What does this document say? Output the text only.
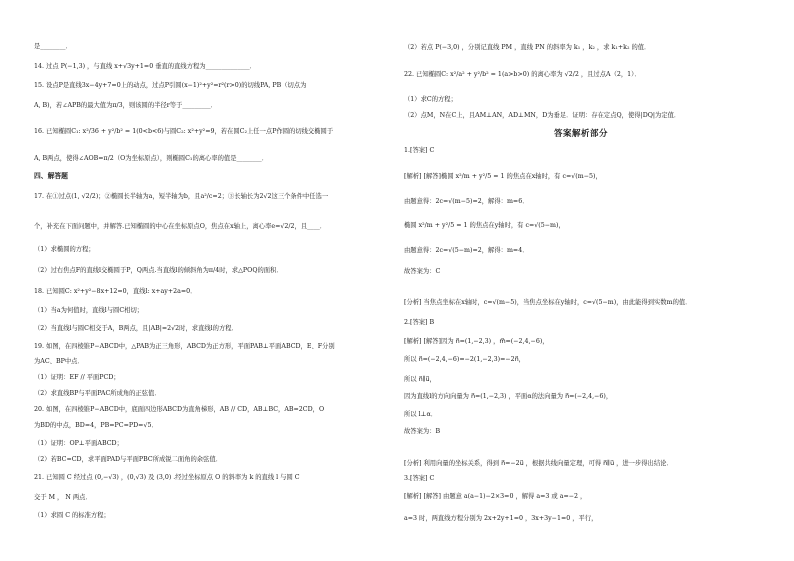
是________．
14. 过点 P(−1,3) ，与直线 x+√3y+1=0 垂直的直线方程为______________．
15. 设点P是直线3x−4y+7=0上的动点，过点P引圆(x−1)²+y²=r²(r>0)的切线PA, PB（切点为
A, B)，若∠APB的最大值为π/3，则该圆的半径r等于_________．
16. 已知椭圆C₁: x²/36 + y²/b² = 1(0<b<6)与圆C₂: x²+y²=9，若在圆C₂上任一点P作圆的切线交椭圆于
A, B两点，使得∠AOB=π/2（O为坐标原点），则椭圆C₁的离心率的值是________．
四、解答题
17. 在①过点(1, √2/2)；②椭圆长半轴为a，短半轴为b，且a²/c=2；③长轴长为2√2这三个条件中任选一
个，补充在下面问题中，并解答.已知椭圆的中心在坐标原点O，焦点在x轴上，离心率e=√2/2，且____．
（1）求椭圆的方程；
（2）过右焦点F的直线l交椭圆于P，Q两点.当直线l的倾斜角为π/4时，求△POQ的面积．
18. 已知圆C: x²+y²−8x+12=0，直线l: x+ay+2a=0．
（1）当a为何值时，直线l与圆C相切；
（2）当直线l与圆C相交于A，B两点，且|AB|=2√2时，求直线l的方程．
19. 如图，在四棱锥P−ABCD中，△PAB为正三角形，ABCD为正方形，平面PAB⊥平面ABCD，E、F分别
为AC、BP中点．
（1）证明：EF // 平面PCD；
（2）求直线BP与平面PAC所成角的正弦值．
20. 如图，在四棱锥P−ABCD中，底面四边形ABCD为直角梯形，AB // CD，AB⊥BC，AB=2CD，O
为BD的中点，BD=4，PB=PC=PD=√5．
（1）证明：OP⊥平面ABCD；
（2）若BC=CD，求平面PAD与平面PBC所成锐二面角的余弦值．
21. 已知圆 C 经过点 (0,−√3) ，(0,√3) 及 (3,0) .经过坐标原点 O 的斜率为 k 的直线 l 与圆 C
交于 M ， N 两点．
（1）求圆 C 的标准方程；
（2）若点 P(−3,0) ，分别记直线 PM ，直线 PN 的斜率为 k₁ ，k₂ ，求 k₁+k₂ 的值．
22. 已知椭圆C: x²/a² + y²/b² = 1(a>b>0) 的离心率为 √2/2 ，且过点A（2，1）．
（1）求C的方程；
（2）点M，N在C上，且AM⊥AN，AD⊥MN，D为垂足．证明：存在定点Q，使得|DQ|为定值．
答案解析部分
1.[答案] C
[解析] [解答]椭圆 x²/m + y²/5 = 1 的焦点在x轴时，有 c=√(m−5)，
由题意得：2c=√(m−5)=2，解得：m=6．
椭圆 x²/m + y²/5 = 1 的焦点在y轴时，有 c=√(5−m)，
由题意得：2c=√(5−m)=2，解得：m=4．
故答案为：C
[分析] 当焦点坐标在x轴时，c=√(m−5)，当焦点坐标在y轴时，c=√(5−m)，由此能得到实数m的值．
2.[答案] B
[解析] [解答]因为 n⃗=(1,−2,3) ，m⃗=(−2,4,−6)，
所以 n⃗=(−2,4,−6)=−2(1,−2,3)=−2n⃗，
所以 n⃗∥u⃗，
因为直线l的方向向量为 n⃗=(1,−2,3) ，平面α的法向量为 n⃗=(−2,4,−6)，
所以 l⊥α．
故答案为：B
[分析] 利用向量的坐标关系，得到 n⃗=−2u⃗ ，根据共线向量定理，可得 n⃗∥u⃗ ，进一步得出结论．
3.[答案] C
[解析] [解答] 由题意 a(a−1)−2×3=0 ，解得 a=3 或 a=−2 ，
a=3 时，两直线方程分别为 2x+2y+1=0 ，3x+3y−1=0 ，平行，
